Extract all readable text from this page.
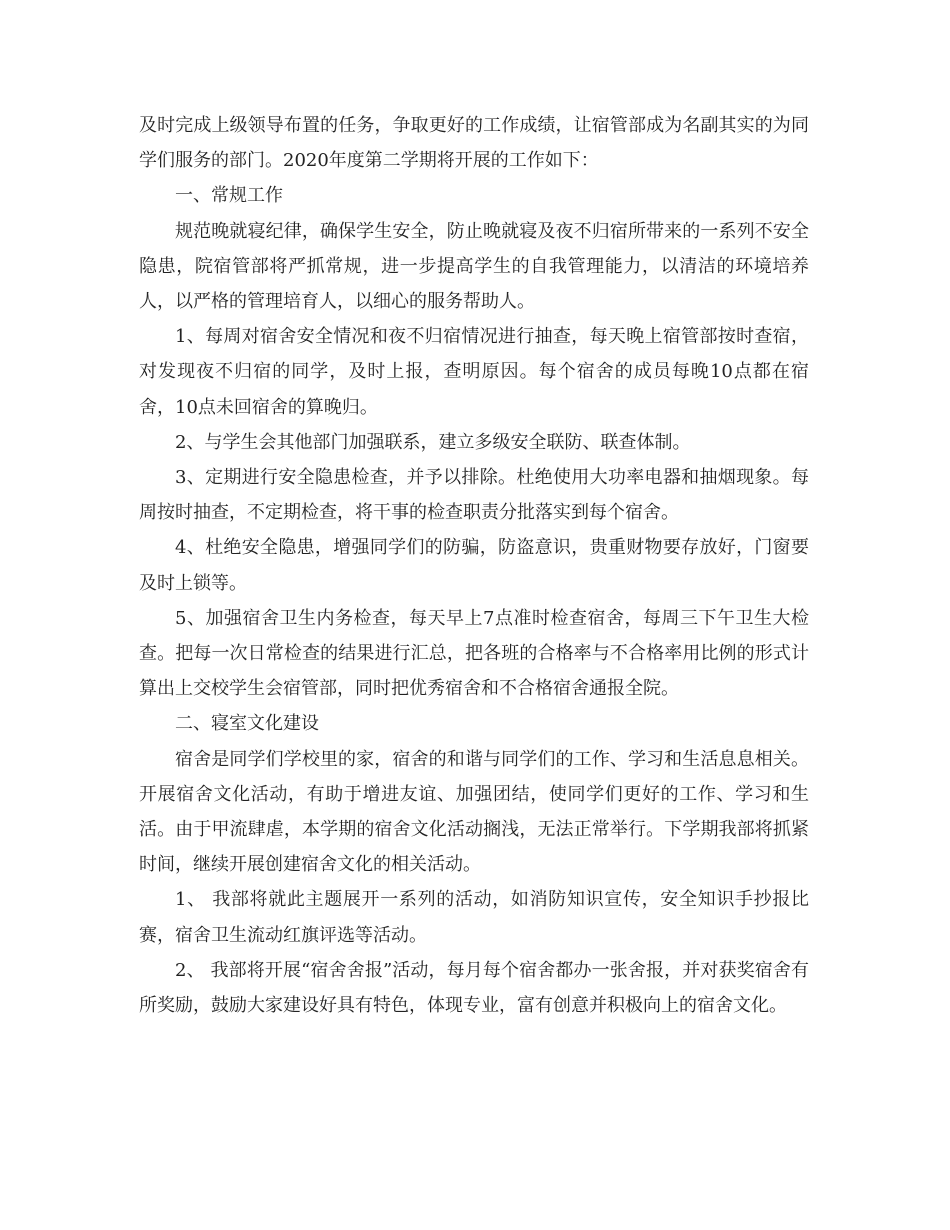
及时完成上级领导布置的任务，争取更好的工作成绩，让宿管部成为名副其实的为同学们服务的部门。2020年度第二学期将开展的工作如下：

一、常规工作

规范晚就寝纪律，确保学生安全，防止晚就寝及夜不归宿所带来的一系列不安全隐患，院宿管部将严抓常规，进一步提高学生的自我管理能力，以清洁的环境培养人，以严格的管理培育人，以细心的服务帮助人。

1、每周对宿舍安全情况和夜不归宿情况进行抽查，每天晚上宿管部按时查宿，对发现夜不归宿的同学，及时上报，查明原因。每个宿舍的成员每晚10点都在宿舍，10点未回宿舍的算晚归。

2、与学生会其他部门加强联系，建立多级安全联防、联查体制。

3、定期进行安全隐患检查，并予以排除。杜绝使用大功率电器和抽烟现象。每周按时抽查，不定期检查，将干事的检查职责分批落实到每个宿舍。

4、杜绝安全隐患，增强同学们的防骗，防盗意识，贵重财物要存放好，门窗要及时上锁等。

5、加强宿舍卫生内务检查，每天早上7点准时检查宿舍，每周三下午卫生大检查。把每一次日常检查的结果进行汇总，把各班的合格率与不合格率用比例的形式计算出上交校学生会宿管部，同时把优秀宿舍和不合格宿舍通报全院。

二、寝室文化建设

宿舍是同学们学校里的家，宿舍的和谐与同学们的工作、学习和生活息息相关。开展宿舍文化活动，有助于增进友谊、加强团结，使同学们更好的工作、学习和生活。由于甲流肆虐，本学期的宿舍文化活动搁浅，无法正常举行。下学期我部将抓紧时间，继续开展创建宿舍文化的相关活动。

1、 我部将就此主题展开一系列的活动，如消防知识宣传，安全知识手抄报比赛，宿舍卫生流动红旗评选等活动。

2、 我部将开展“宿舍舍报”活动，每月每个宿舍都办一张舍报，并对获奖宿舍有所奖励，鼓励大家建设好具有特色，体现专业，富有创意并积极向上的宿舍文化。
